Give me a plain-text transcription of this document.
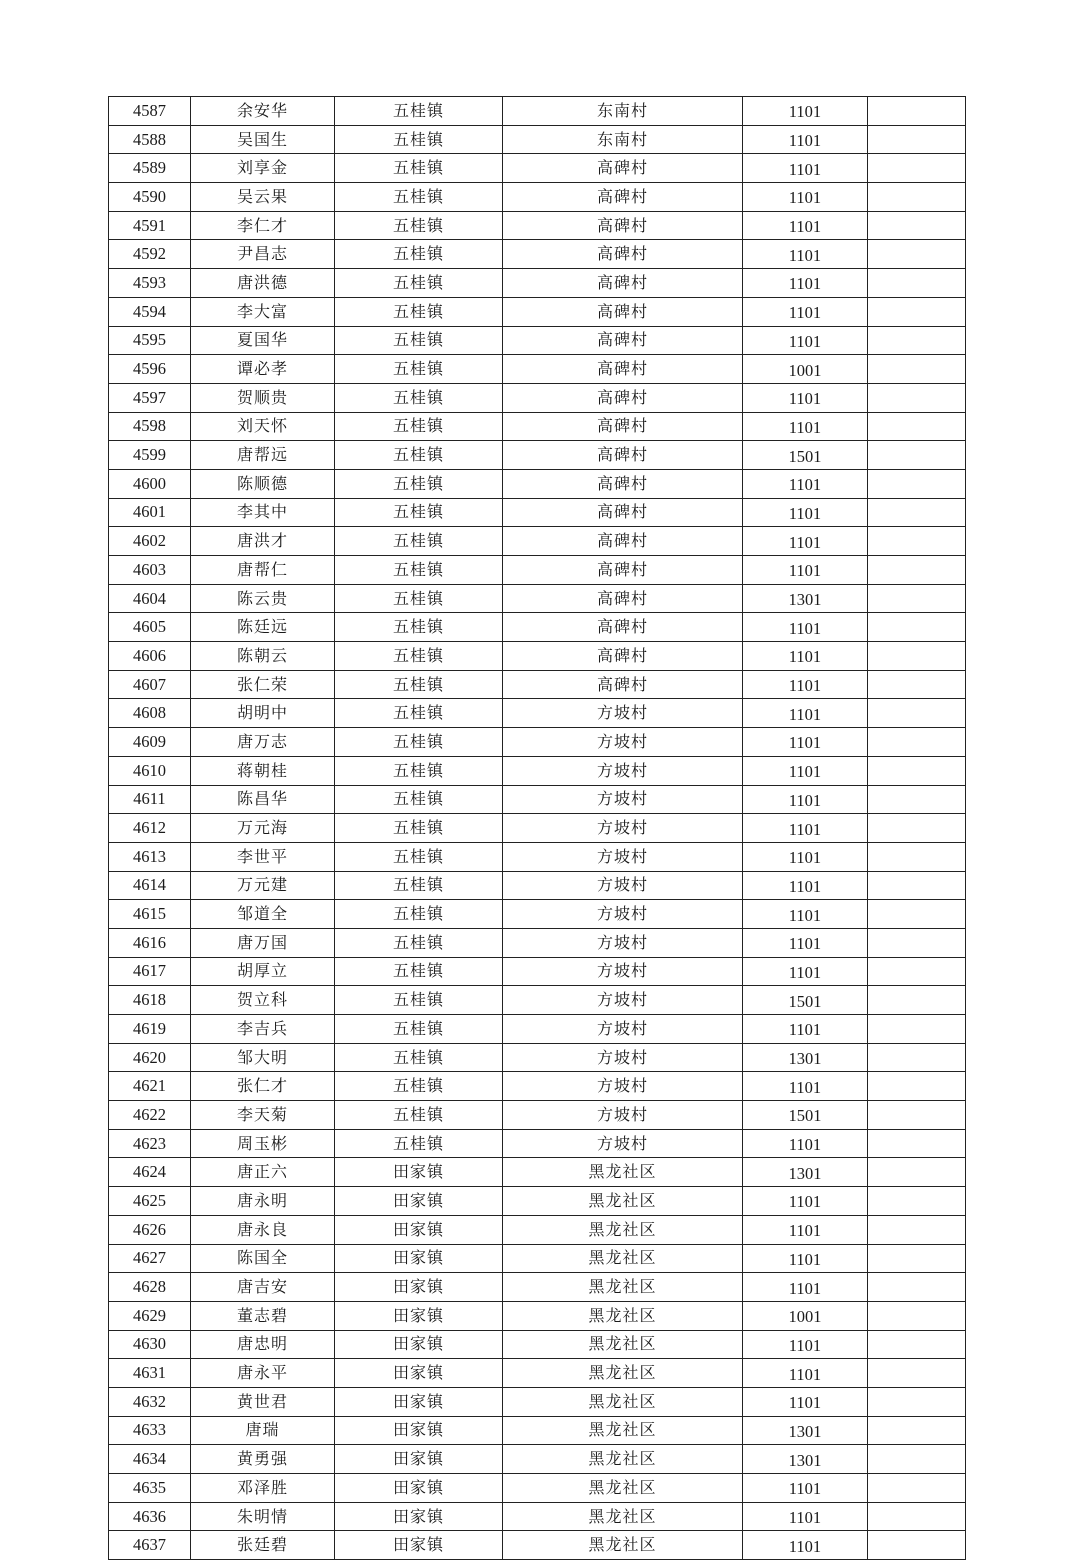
4587	余安华	五桂镇	东南村	1101	
4588	吴国生	五桂镇	东南村	1101	
4589	刘享金	五桂镇	高碑村	1101	
4590	吴云果	五桂镇	高碑村	1101	
4591	李仁才	五桂镇	高碑村	1101	
4592	尹昌志	五桂镇	高碑村	1101	
4593	唐洪德	五桂镇	高碑村	1101	
4594	李大富	五桂镇	高碑村	1101	
4595	夏国华	五桂镇	高碑村	1101	
4596	谭必孝	五桂镇	高碑村	1001	
4597	贺顺贵	五桂镇	高碑村	1101	
4598	刘天怀	五桂镇	高碑村	1101	
4599	唐帮远	五桂镇	高碑村	1501	
4600	陈顺德	五桂镇	高碑村	1101	
4601	李其中	五桂镇	高碑村	1101	
4602	唐洪才	五桂镇	高碑村	1101	
4603	唐帮仁	五桂镇	高碑村	1101	
4604	陈云贵	五桂镇	高碑村	1301	
4605	陈廷远	五桂镇	高碑村	1101	
4606	陈朝云	五桂镇	高碑村	1101	
4607	张仁荣	五桂镇	高碑村	1101	
4608	胡明中	五桂镇	方坡村	1101	
4609	唐万志	五桂镇	方坡村	1101	
4610	蒋朝桂	五桂镇	方坡村	1101	
4611	陈昌华	五桂镇	方坡村	1101	
4612	万元海	五桂镇	方坡村	1101	
4613	李世平	五桂镇	方坡村	1101	
4614	万元建	五桂镇	方坡村	1101	
4615	邹道全	五桂镇	方坡村	1101	
4616	唐万国	五桂镇	方坡村	1101	
4617	胡厚立	五桂镇	方坡村	1101	
4618	贺立科	五桂镇	方坡村	1501	
4619	李吉兵	五桂镇	方坡村	1101	
4620	邹大明	五桂镇	方坡村	1301	
4621	张仁才	五桂镇	方坡村	1101	
4622	李天菊	五桂镇	方坡村	1501	
4623	周玉彬	五桂镇	方坡村	1101	
4624	唐正六	田家镇	黑龙社区	1301	
4625	唐永明	田家镇	黑龙社区	1101	
4626	唐永良	田家镇	黑龙社区	1101	
4627	陈国全	田家镇	黑龙社区	1101	
4628	唐吉安	田家镇	黑龙社区	1101	
4629	董志碧	田家镇	黑龙社区	1001	
4630	唐忠明	田家镇	黑龙社区	1101	
4631	唐永平	田家镇	黑龙社区	1101	
4632	黄世君	田家镇	黑龙社区	1101	
4633	唐瑞	田家镇	黑龙社区	1301	
4634	黄勇强	田家镇	黑龙社区	1301	
4635	邓泽胜	田家镇	黑龙社区	1101	
4636	朱明情	田家镇	黑龙社区	1101	
4637	张廷碧	田家镇	黑龙社区	1101	
